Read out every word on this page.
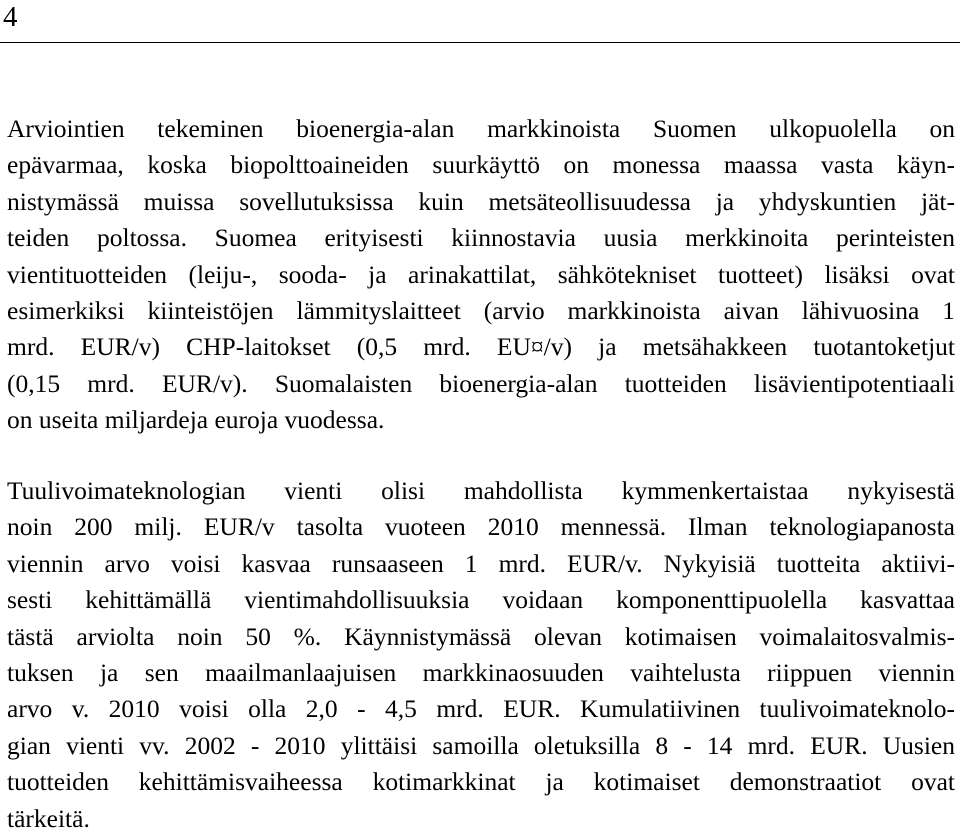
4
Arviointien tekeminen bioenergia-alan markkinoista Suomen ulkopuolella on
epävarmaa, koska biopolttoaineiden suurkäyttö on monessa maassa vasta käyn-
nistymässä muissa sovellutuksissa kuin metsäteollisuudessa ja yhdyskuntien jät-
teiden poltossa. Suomea erityisesti kiinnostavia uusia merkkinoita perinteisten
vientituotteiden (leiju-, sooda- ja arinakattilat, sähkötekniset tuotteet) lisäksi ovat
esimerkiksi kiinteistöjen lämmityslaitteet (arvio markkinoista aivan lähivuosina 1
mrd. EUR/v) CHP-laitokset (0,5 mrd. EU¤/v) ja metsähakkeen tuotantoketjut
(0,15 mrd. EUR/v). Suomalaisten bioenergia-alan tuotteiden lisävientipotentiaali
on useita miljardeja euroja vuodessa.
Tuulivoimateknologian vienti olisi mahdollista kymmenkertaistaa nykyisestä
noin 200 milj. EUR/v tasolta vuoteen 2010 mennessä. Ilman teknologiapanosta
viennin arvo voisi kasvaa runsaaseen 1 mrd. EUR/v. Nykyisiä tuotteita aktiivi-
sesti kehittämällä vientimahdollisuuksia voidaan komponenttipuolella kasvattaa
tästä arviolta noin 50 %. Käynnistymässä olevan kotimaisen voimalaitosvalmis-
tuksen ja sen maailmanlaajuisen markkinaosuuden vaihtelusta riippuen viennin
arvo v. 2010 voisi olla 2,0 - 4,5 mrd. EUR. Kumulatiivinen tuulivoimateknolo-
gian vienti vv. 2002 - 2010 ylittäisi samoilla oletuksilla 8 - 14 mrd. EUR. Uusien
tuotteiden kehittämisvaiheessa kotimarkkinat ja kotimaiset demonstraatiot ovat
tärkeitä.
